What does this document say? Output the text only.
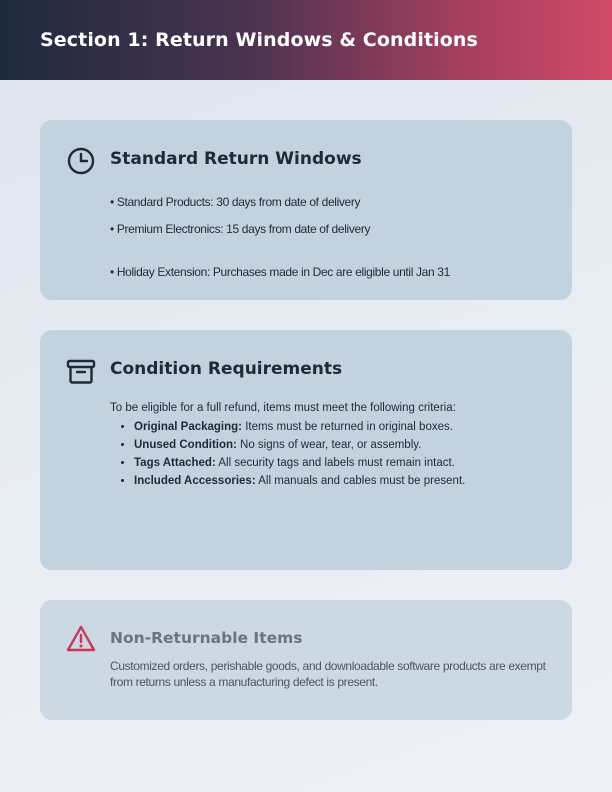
Section 1: Return Windows & Conditions
Standard Return Windows
• Standard Products: 30 days from date of delivery
• Premium Electronics: 15 days from date of delivery
• Holiday Extension: Purchases made in Dec are eligible until Jan 31
Condition Requirements
To be eligible for a full refund, items must meet the following criteria:
• Original Packaging: Items must be returned in original boxes.
• Unused Condition: No signs of wear, tear, or assembly.
• Tags Attached: All security tags and labels must remain intact.
• Included Accessories: All manuals and cables must be present.
Non-Returnable Items
Customized orders, perishable goods, and downloadable software products are exempt from returns unless a manufacturing defect is present.
